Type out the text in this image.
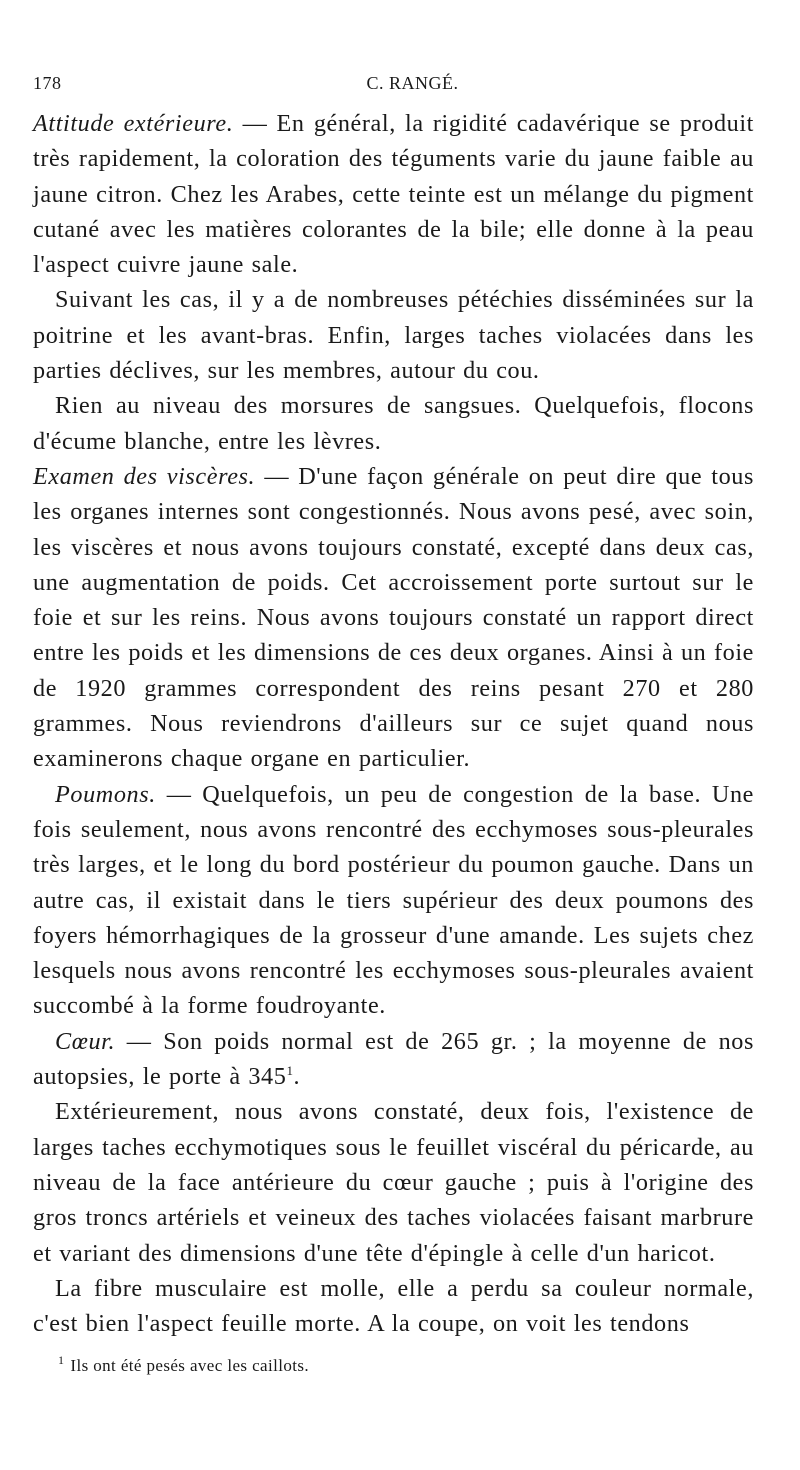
178	C. RANGÉ.

Attitude extérieure. — En général, la rigidité cadavérique se produit très rapidement, la coloration des téguments varie du jaune faible au jaune citron. Chez les Arabes, cette teinte est un mélange du pigment cutané avec les matières colorantes de la bile; elle donne à la peau l'aspect cuivre jaune sale.

Suivant les cas, il y a de nombreuses pétéchies disséminées sur la poitrine et les avant-bras. Enfin, larges taches violacées dans les parties déclives, sur les membres, autour du cou.

Rien au niveau des morsures de sangsues. Quelquefois, flocons d'écume blanche, entre les lèvres.

Examen des viscères. — D'une façon générale on peut dire que tous les organes internes sont congestionnés. Nous avons pesé, avec soin, les viscères et nous avons toujours constaté, excepté dans deux cas, une augmentation de poids. Cet accroissement porte surtout sur le foie et sur les reins. Nous avons toujours constaté un rapport direct entre les poids et les dimensions de ces deux organes. Ainsi à un foie de 1920 grammes correspondent des reins pesant 270 et 280 grammes. Nous reviendrons d'ailleurs sur ce sujet quand nous examinerons chaque organe en particulier.

Poumons. — Quelquefois, un peu de congestion de la base. Une fois seulement, nous avons rencontré des ecchymoses sous-pleurales très larges, et le long du bord postérieur du poumon gauche. Dans un autre cas, il existait dans le tiers supérieur des deux poumons des foyers hémorrhagiques de la grosseur d'une amande. Les sujets chez lesquels nous avons rencontré les ecchymoses sous-pleurales avaient succombé à la forme foudroyante.

Cœur. — Son poids normal est de 265 gr. ; la moyenne de nos autopsies, le porte à $345^1$.

Extérieurement, nous avons constaté, deux fois, l'existence de larges taches ecchymotiques sous le feuillet viscéral du péricarde, au niveau de la face antérieure du cœur gauche ; puis à l'origine des gros troncs artériels et veineux des taches violacées faisant marbrure et variant des dimensions d'une tête d'épingle à celle d'un haricot.

La fibre musculaire est molle, elle a perdu sa couleur normale, c'est bien l'aspect feuille morte. A la coupe, on voit les tendons

$^1$ Ils ont été pesés avec les caillots.
